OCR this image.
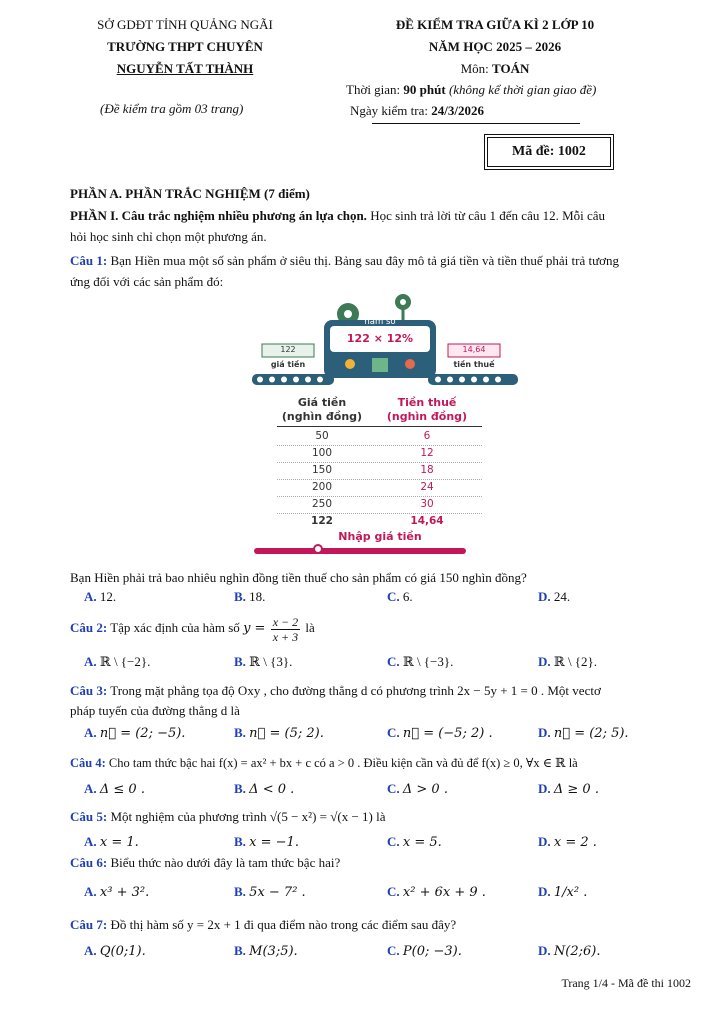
SỞ GDĐT TỈNH QUẢNG NGÃI
TRƯỜNG THPT CHUYÊN
NGUYỄN TẤT THÀNH
(Đề kiểm tra gồm 03 trang)
ĐỀ KIỂM TRA GIỮA KÌ 2 LỚP 10
NĂM HỌC 2025 – 2026
Môn: TOÁN
Thời gian: 90 phút (không kể thời gian giao đề)
Ngày kiểm tra: 24/3/2026
Mã đề: 1002
PHẦN A. PHẦN TRẮC NGHIỆM (7 điểm)
PHẦN I. Câu trắc nghiệm nhiều phương án lựa chọn. Học sinh trả lời từ câu 1 đến câu 12. Mỗi câu
hỏi học sinh chỉ chọn một phương án.
Câu 1: Bạn Hiền mua một số sản phẩm ở siêu thị. Bảng sau đây mô tả giá tiền và tiền thuế phải trả tương
ứng đối với các sản phẩm đó:
hàm số
122 × 12%
122
giá tiền
14,64
tiền thuế
Giá tiền
(nghìn đồng)
Tiền thuế
(nghìn đồng)
50	6
100	12
150	18
200	24
250	30
122	14,64
Nhập giá tiền
Bạn Hiền phải trả bao nhiêu nghìn đồng tiền thuế cho sản phẩm có giá 150 nghìn đồng?
A. 12.	B. 18.	C. 6.	D. 24.
Câu 2: Tập xác định của hàm số $y = \frac{x - 2}{x + 3}$ là
A. ℝ \ {−2}.	B. ℝ \ {3}.	C. ℝ \ {−3}.	D. ℝ \ {2}.
Câu 3: Trong mặt phẳng tọa độ Oxy , cho đường thẳng d có phương trình 2x − 5y + 1 = 0 . Một vectơ
pháp tuyến của đường thẳng d là
A. n⃗ = (2; −5).	B. n⃗ = (5; 2).	C. n⃗ = (−5; 2) .	D. n⃗ = (2; 5).
Câu 4: Cho tam thức bậc hai f(x) = ax² + bx + c có a > 0 . Điều kiện cần và đủ để f(x) ≥ 0, ∀x ∈ ℝ là
A. Δ ≤ 0 .	B. Δ < 0 .	C. Δ > 0 .	D. Δ ≥ 0 .
Câu 5: Một nghiệm của phương trình √(5 − x²) = √(x − 1) là
A. x = 1.	B. x = −1.	C. x = 5.	D. x = 2 .
Câu 6: Biểu thức nào dưới đây là tam thức bậc hai?
A. x³ + 3².	B. 5x − 7² .	C. x² + 6x + 9 .	D. 1/x² .
Câu 7: Đồ thị hàm số y = 2x + 1 đi qua điểm nào trong các điểm sau đây?
A. Q(0;1).	B. M(3;5).	C. P(0; −3).	D. N(2;6).
Trang 1/4 - Mã đề thi 1002
